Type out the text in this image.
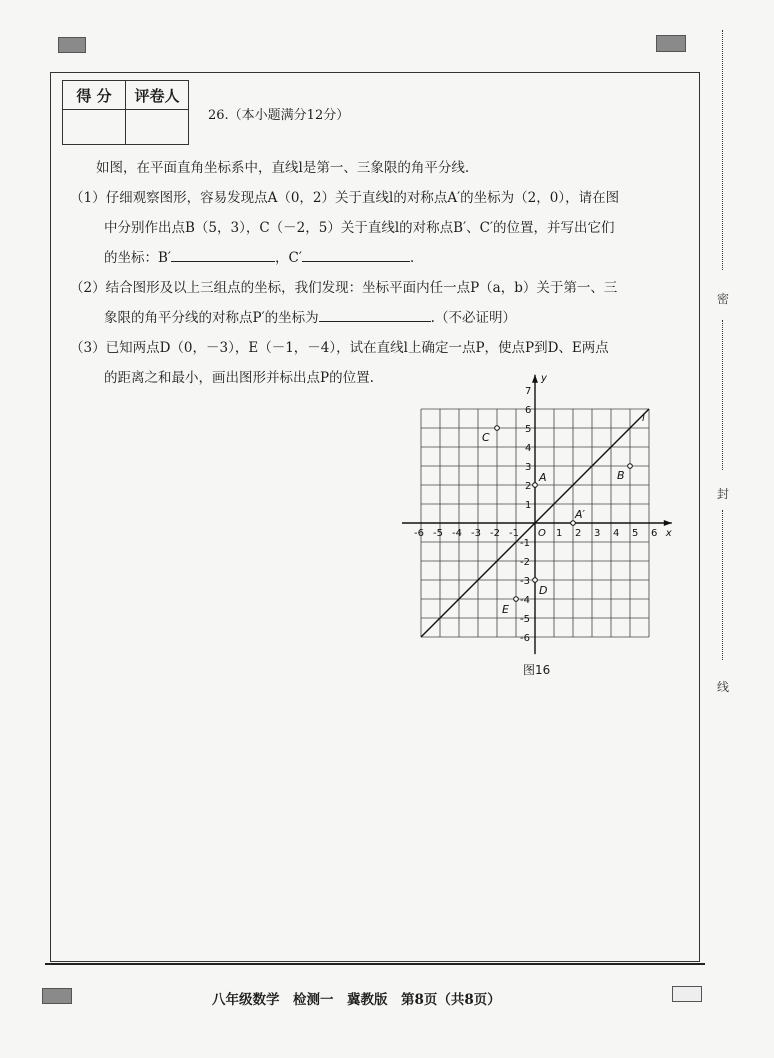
密
封
线
得 分	评卷人

26.（本小题满分12分）
如图，在平面直角坐标系中，直线l是第一、三象限的角平分线.
（1）仔细观察图形，容易发现点A（0，2）关于直线l的对称点A′的坐标为（2，0），请在图
中分别作出点B（5，3），C（－2，5）关于直线l的对称点B′、C′的位置，并写出它们
的坐标：B′	，C′	.
（2）结合图形及以上三组点的坐标，我们发现：坐标平面内任一点P（a，b）关于第一、三
象限的角平分线的对称点P′的坐标为	.（不必证明）
（3）已知两点D（0，－3），E（－1，－4），试在直线l上确定一点P，使点P到D、E两点
的距离之和最小，画出图形并标出点P的位置.
x
y
l
O
-6 -5 -4 -3 -2 -1	1 2 3 4 5 6
7
6
5
4
3
2
1
-1
-2
-3
-4
-5
-6
A
A′
B
C
D
E
图16
八年级数学　检测一　冀教版　第8页（共8页）
